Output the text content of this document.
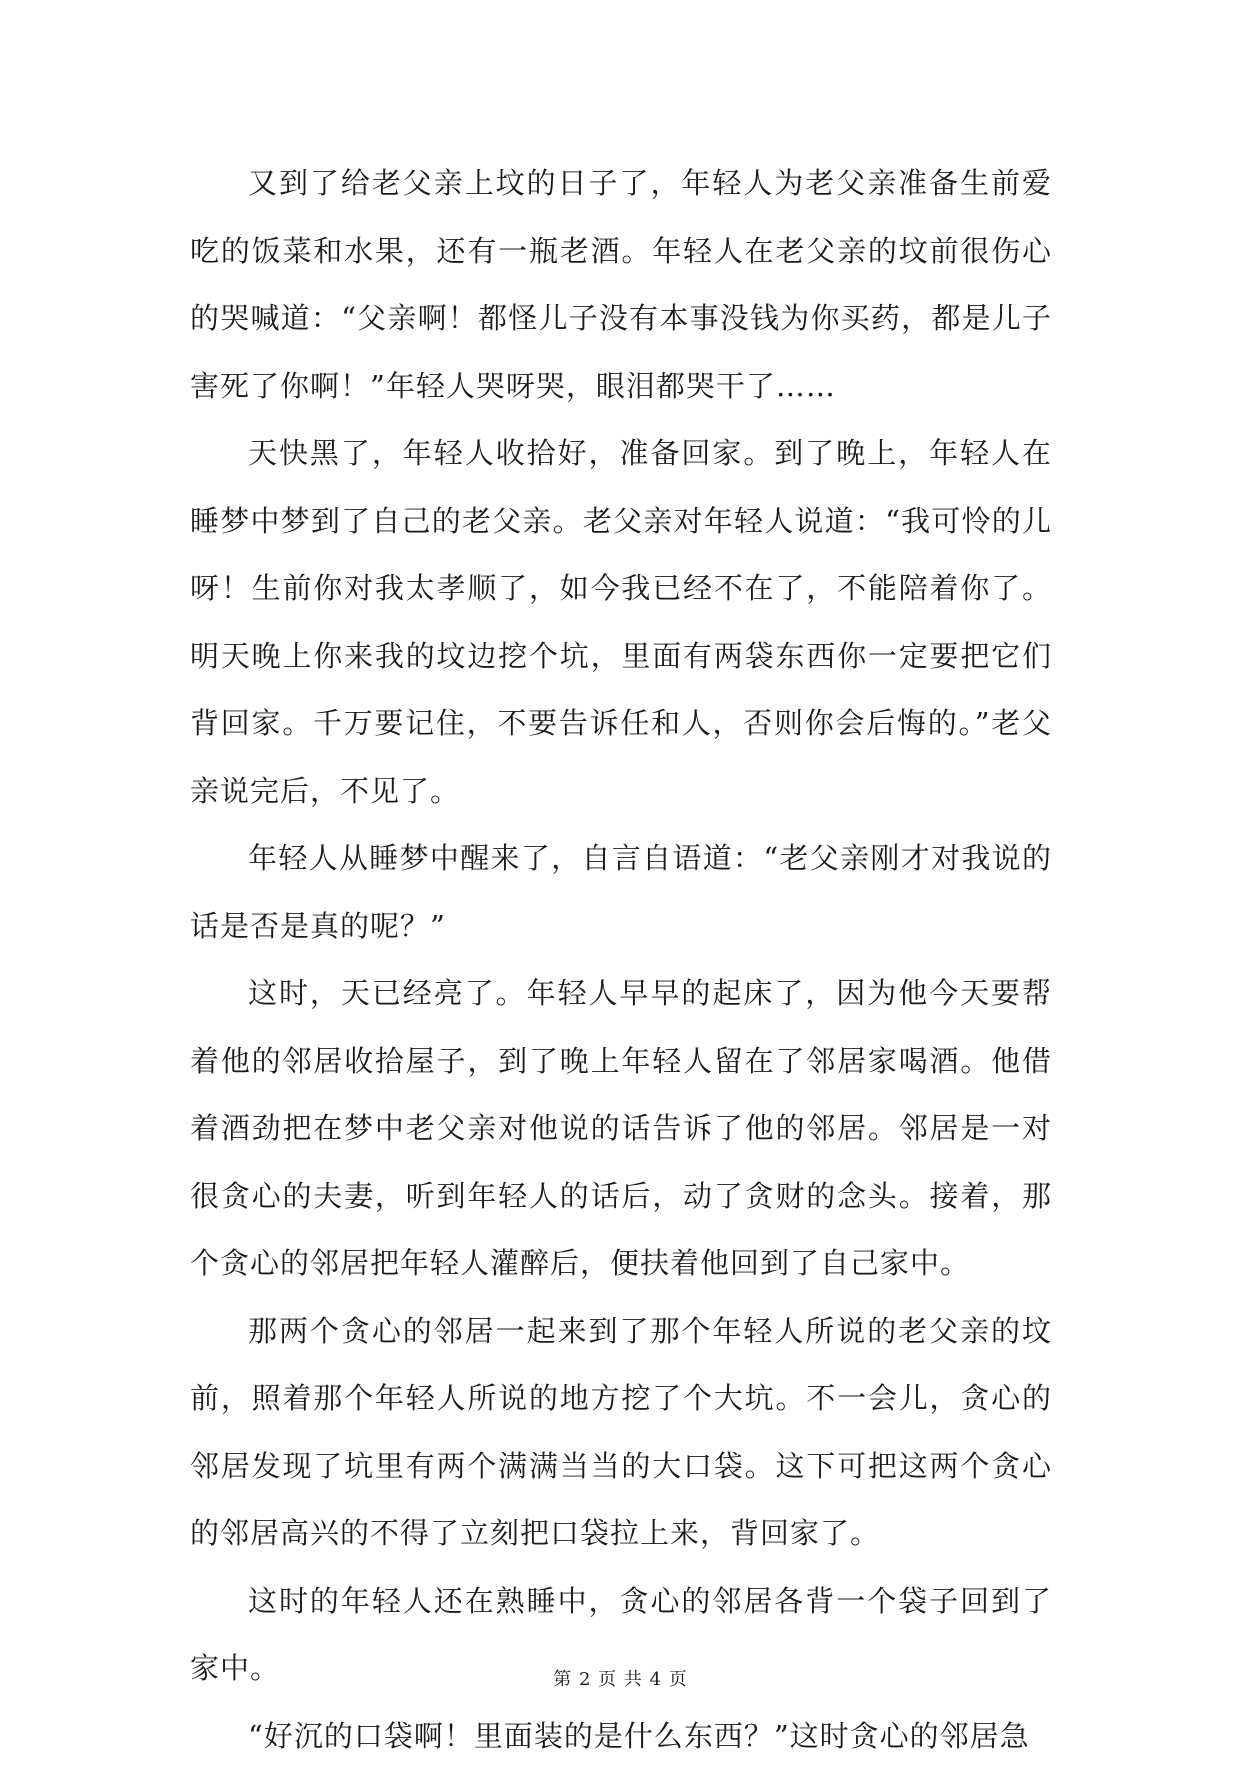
又到了给老父亲上坟的日子了，年轻人为老父亲准备生前爱吃的饭菜和水果，还有一瓶老酒。年轻人在老父亲的坟前很伤心的哭喊道：“父亲啊！都怪儿子没有本事没钱为你买药，都是儿子害死了你啊！”年轻人哭呀哭，眼泪都哭干了……

天快黑了，年轻人收拾好，准备回家。到了晚上，年轻人在睡梦中梦到了自己的老父亲。老父亲对年轻人说道：“我可怜的儿呀！生前你对我太孝顺了，如今我已经不在了，不能陪着你了。明天晚上你来我的坟边挖个坑，里面有两袋东西你一定要把它们背回家。千万要记住，不要告诉任和人，否则你会后悔的。”老父亲说完后，不见了。

年轻人从睡梦中醒来了，自言自语道：“老父亲刚才对我说的话是否是真的呢？”

这时，天已经亮了。年轻人早早的起床了，因为他今天要帮着他的邻居收拾屋子，到了晚上年轻人留在了邻居家喝酒。他借着酒劲把在梦中老父亲对他说的话告诉了他的邻居。邻居是一对很贪心的夫妻，听到年轻人的话后，动了贪财的念头。接着，那个贪心的邻居把年轻人灌醉后，便扶着他回到了自己家中。

那两个贪心的邻居一起来到了那个年轻人所说的老父亲的坟前，照着那个年轻人所说的地方挖了个大坑。不一会儿，贪心的邻居发现了坑里有两个满满当当的大口袋。这下可把这两个贪心的邻居高兴的不得了立刻把口袋拉上来，背回家了。

这时的年轻人还在熟睡中，贪心的邻居各背一个袋子回到了家中。

“好沉的口袋啊！里面装的是什么东西？”这时贪心的邻居急

第 2 页 共 4 页
